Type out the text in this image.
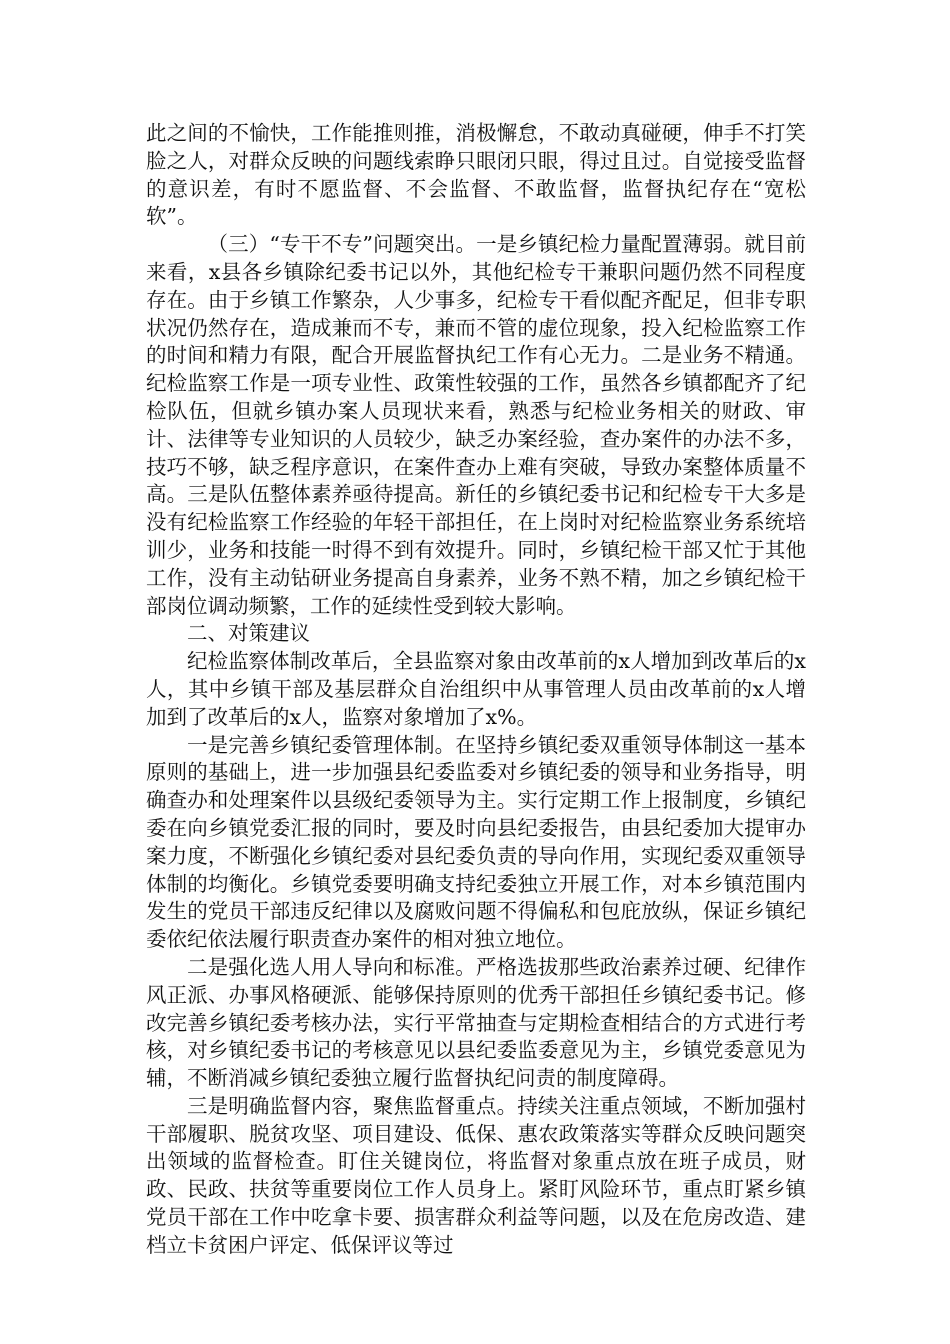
此之间的不愉快，工作能推则推，消极懈怠，不敢动真碰硬，伸手不打笑脸之人，对群众反映的问题线索睁只眼闭只眼，得过且过。自觉接受监督的意识差，有时不愿监督、不会监督、不敢监督，监督执纪存在“宽松软”。

（三）“专干不专”问题突出。一是乡镇纪检力量配置薄弱。就目前来看，x县各乡镇除纪委书记以外，其他纪检专干兼职问题仍然不同程度存在。由于乡镇工作繁杂，人少事多，纪检专干看似配齐配足，但非专职状况仍然存在，造成兼而不专，兼而不管的虚位现象，投入纪检监察工作的时间和精力有限，配合开展监督执纪工作有心无力。二是业务不精通。纪检监察工作是一项专业性、政策性较强的工作，虽然各乡镇都配齐了纪检队伍，但就乡镇办案人员现状来看，熟悉与纪检业务相关的财政、审计、法律等专业知识的人员较少，缺乏办案经验，查办案件的办法不多，技巧不够，缺乏程序意识，在案件查办上难有突破，导致办案整体质量不高。三是队伍整体素养亟待提高。新任的乡镇纪委书记和纪检专干大多是没有纪检监察工作经验的年轻干部担任，在上岗时对纪检监察业务系统培训少，业务和技能一时得不到有效提升。同时，乡镇纪检干部又忙于其他工作，没有主动钻研业务提高自身素养，业务不熟不精，加之乡镇纪检干部岗位调动频繁，工作的延续性受到较大影响。

二、对策建议

纪检监察体制改革后，全县监察对象由改革前的x人增加到改革后的x人，其中乡镇干部及基层群众自治组织中从事管理人员由改革前的x人增加到了改革后的x人，监察对象增加了x%。

一是完善乡镇纪委管理体制。在坚持乡镇纪委双重领导体制这一基本原则的基础上，进一步加强县纪委监委对乡镇纪委的领导和业务指导，明确查办和处理案件以县级纪委领导为主。实行定期工作上报制度，乡镇纪委在向乡镇党委汇报的同时，要及时向县纪委报告，由县纪委加大提审办案力度，不断强化乡镇纪委对县纪委负责的导向作用，实现纪委双重领导体制的均衡化。乡镇党委要明确支持纪委独立开展工作，对本乡镇范围内发生的党员干部违反纪律以及腐败问题不得偏私和包庇放纵，保证乡镇纪委依纪依法履行职责查办案件的相对独立地位。

二是强化选人用人导向和标准。严格选拔那些政治素养过硬、纪律作风正派、办事风格硬派、能够保持原则的优秀干部担任乡镇纪委书记。修改完善乡镇纪委考核办法，实行平常抽查与定期检查相结合的方式进行考核，对乡镇纪委书记的考核意见以县纪委监委意见为主，乡镇党委意见为辅，不断消减乡镇纪委独立履行监督执纪问责的制度障碍。

三是明确监督内容，聚焦监督重点。持续关注重点领域，不断加强村干部履职、脱贫攻坚、项目建设、低保、惠农政策落实等群众反映问题突出领域的监督检查。盯住关键岗位，将监督对象重点放在班子成员，财政、民政、扶贫等重要岗位工作人员身上。紧盯风险环节，重点盯紧乡镇党员干部在工作中吃拿卡要、损害群众利益等问题，以及在危房改造、建档立卡贫困户评定、低保评议等过
